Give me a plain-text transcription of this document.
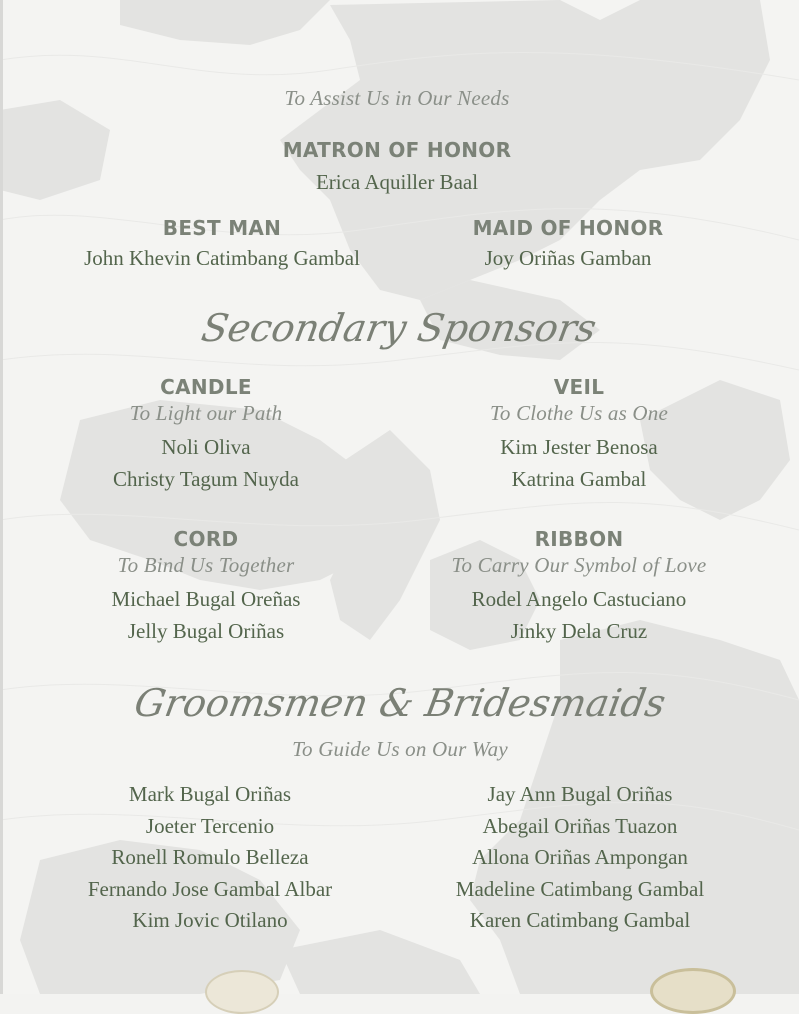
To Assist Us in Our Needs
MATRON OF HONOR
Erica Aquiller Baal
BEST MAN
John Khevin Catimbang Gambal
MAID OF HONOR
Joy Oriñas Gamban
Secondary Sponsors
CANDLE
To Light our Path
Noli Oliva
Christy Tagum Nuyda
VEIL
To Clothe Us as One
Kim Jester Benosa
Katrina Gambal
CORD
To Bind Us Together
Michael Bugal Oreñas
Jelly Bugal Oriñas
RIBBON
To Carry Our Symbol of Love
Rodel Angelo Castuciano
Jinky Dela Cruz
Groomsmen & Bridesmaids
To Guide Us on Our Way
Mark Bugal Oriñas
Joeter Tercenio
Ronell Romulo Belleza
Fernando Jose Gambal Albar
Kim Jovic Otilano
Jay Ann Bugal Oriñas
Abegail Oriñas Tuazon
Allona Oriñas Ampongan
Madeline Catimbang Gambal
Karen Catimbang Gambal
